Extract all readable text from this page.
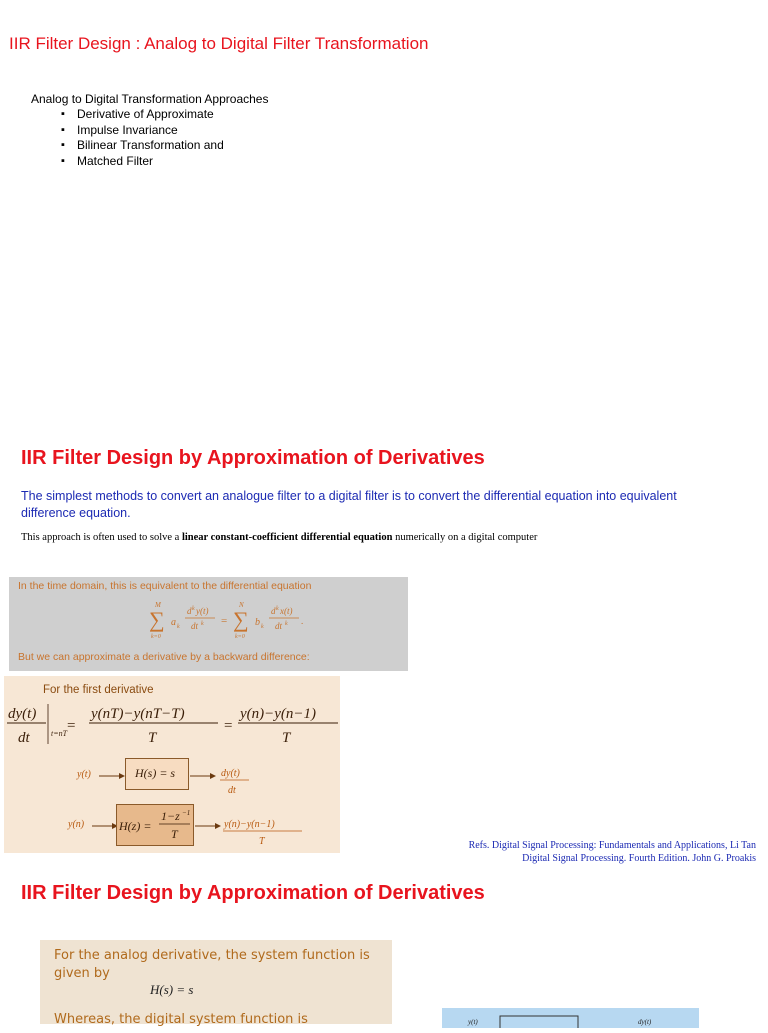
IIR Filter Design : Analog to Digital Filter Transformation
Analog to Digital Transformation Approaches
▪ Derivative of Approximate
▪ Impulse Invariance
▪ Bilinear Transformation and
▪ Matched Filter
IIR Filter Design by Approximation of Derivatives
The simplest methods to convert an analogue filter to a digital filter is to convert the differential equation into equivalent difference equation.
This approach is often used to solve a linear constant-coefficient differential equation numerically on a digital computer
In the time domain, this is equivalent to the differential equation
M
∑
k=0
a k
d k y(t)
dt k =
N
∑
k=0
b k
d k x(t)
dt k .
But we can approximate a derivative by a backward difference:
For the first derivative
dy(t)
dt	t=nT =
y(nT)−y(nT−T)
T
=
y(n)−y(n−1)
T
y(t)	H(s) = s	dy(t)
dt
y(n)	H(z) =
1−z −1
T
y(n)−y(n−1)
T	Refs. Digital Signal Processing: Fundamentals and Applications, Li Tan
Digital Signal Processing. Fourth Edition. John G. Proakis
IIR Filter Design by Approximation of Derivatives
For the analog derivative, the system function is
given by
H(s) = s
Whereas, the digital system function is	y(t)	dy(t)
